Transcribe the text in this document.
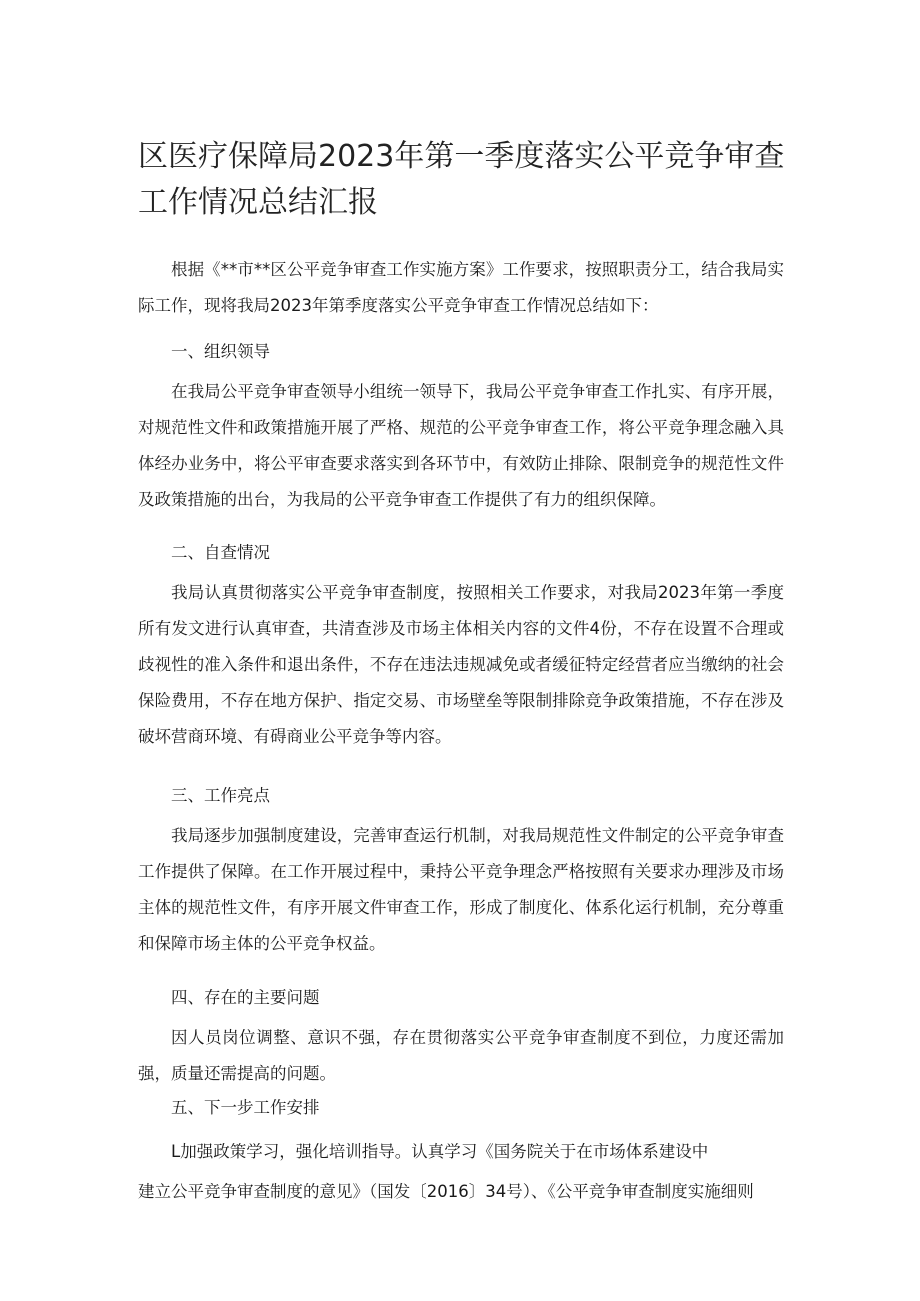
区医疗保障局2023年第一季度落实公平竞争审查工作情况总结汇报

根据《**市**区公平竞争审查工作实施方案》工作要求，按照职责分工，结合我局实际工作，现将我局2023年第季度落实公平竞争审查工作情况总结如下：

一、组织领导

在我局公平竞争审查领导小组统一领导下，我局公平竞争审查工作扎实、有序开展，对规范性文件和政策措施开展了严格、规范的公平竞争审查工作，将公平竞争理念融入具体经办业务中，将公平审查要求落实到各环节中，有效防止排除、限制竞争的规范性文件及政策措施的出台，为我局的公平竞争审查工作提供了有力的组织保障。

二、自查情况

我局认真贯彻落实公平竞争审查制度，按照相关工作要求，对我局2023年第一季度所有发文进行认真审查，共清查涉及市场主体相关内容的文件4份，不存在设置不合理或歧视性的准入条件和退出条件，不存在违法违规减免或者缓征特定经营者应当缴纳的社会保险费用，不存在地方保护、指定交易、市场壁垒等限制排除竞争政策措施，不存在涉及破坏营商环境、有碍商业公平竞争等内容。

三、工作亮点

我局逐步加强制度建设，完善审查运行机制，对我局规范性文件制定的公平竞争审查工作提供了保障。在工作开展过程中，秉持公平竞争理念严格按照有关要求办理涉及市场主体的规范性文件，有序开展文件审查工作，形成了制度化、体系化运行机制，充分尊重和保障市场主体的公平竞争权益。

四、存在的主要问题

因人员岗位调整、意识不强，存在贯彻落实公平竞争审查制度不到位，力度还需加强，质量还需提高的问题。

五、下一步工作安排

L加强政策学习，强化培训指导。认真学习《国务院关于在市场体系建设中

建立公平竞争审查制度的意见》（国发〔2016〕34号）、《公平竞争审查制度实施细则
